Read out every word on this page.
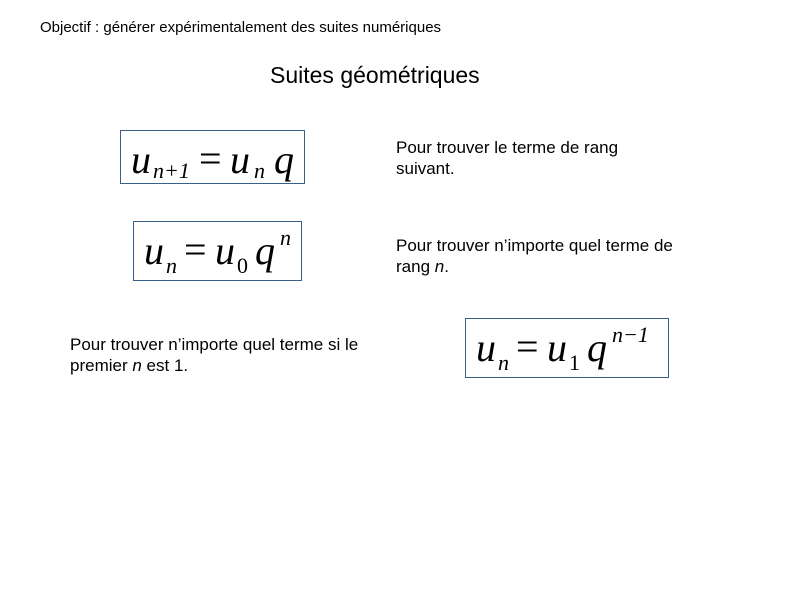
Objectif : générer expérimentalement des suites numériques
Suites géométriques
u n+1 = u n q	Pour trouver le terme de rang
suivant.
u n = u 0 q n	Pour trouver n’importe quel terme de
rang n.
Pour trouver n’importe quel terme si le
premier n est 1.	u n = u 1 q n−1
